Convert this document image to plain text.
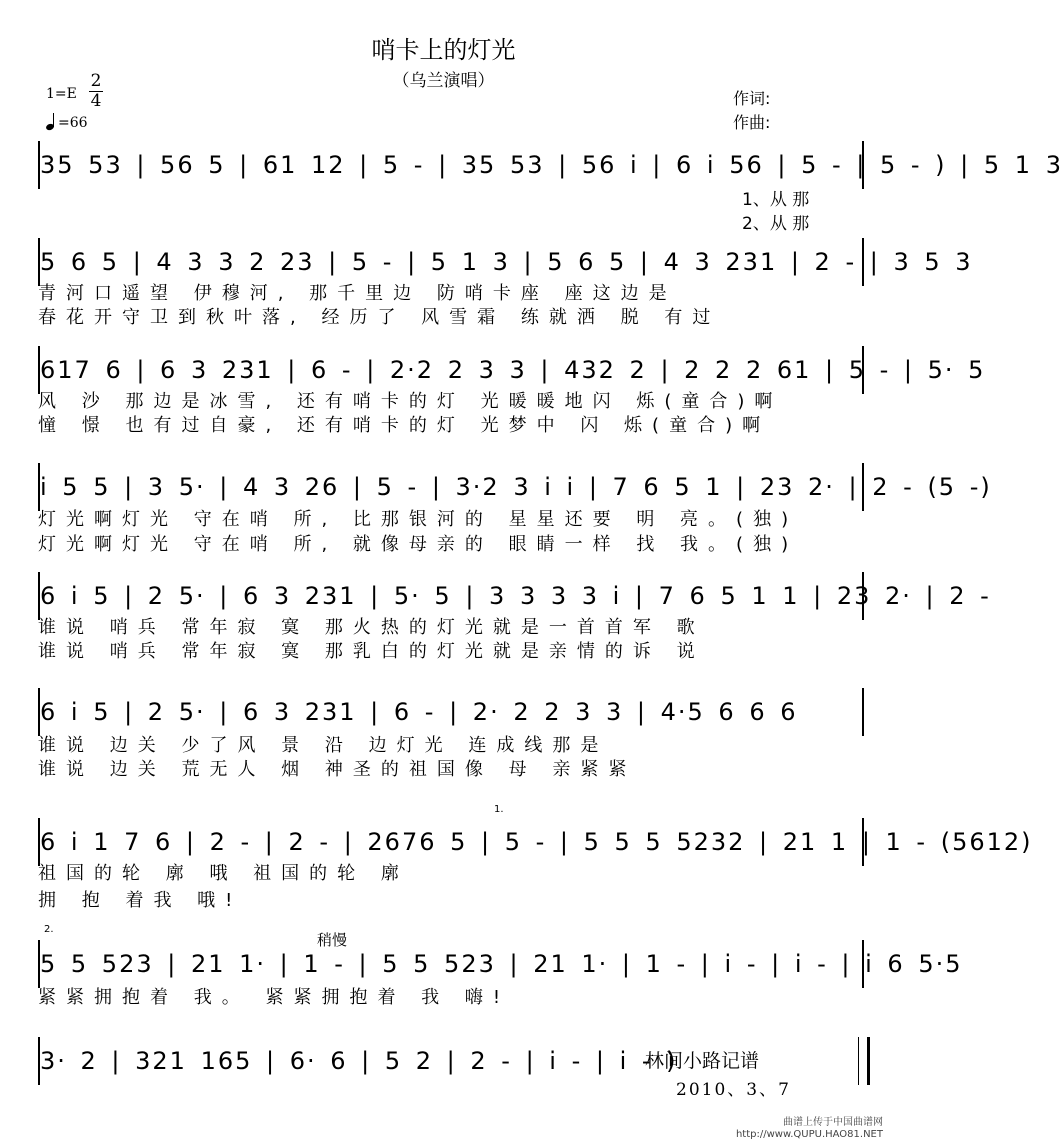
哨卡上的灯光
（乌兰演唱）
1=E
2
4
=66
作词:
作曲:
35 53 | 56 5 | 61 12 | 5 - | 35 53 | 56 i | 6 i 56 | 5 - | 5 - ) | 5 1 3
1、从 那
2、从 那
5 6 5 | 4 3 3 2 23 | 5 - | 5 1 3 | 5 6 5 | 4 3 231 | 2 - | 3 5 3
青河口遥望 伊穆河, 那千里边 防哨卡座 座这边是
春花开守卫到秋叶落, 经历了 风雪霜 练就洒 脱 有过
617 6 | 6 3 231 | 6 - | 2·2 2 3 3 | 432 2 | 2 2 2 61 | 5 - | 5· 5
风 沙 那边是冰雪, 还有哨卡的灯 光暖暖地闪 烁(童合)啊
憧 憬 也有过自豪, 还有哨卡的灯 光梦中 闪 烁(童合)啊
i 5 5 | 3 5· | 4 3 26 | 5 - | 3·2 3 i i | 7 6 5 1 | 23 2· | 2 - (5 -)
灯光啊灯光 守在哨 所, 比那银河的 星星还要 明 亮。(独)
灯光啊灯光 守在哨 所, 就像母亲的 眼睛一样 找 我。(独)
6 i 5 | 2 5· | 6 3 231 | 5· 5 | 3 3 3 3 i | 7 6 5 1 1 | 23 2· | 2 -
谁说 哨兵 常年寂 寞 那火热的灯光就是一首首军 歌
谁说 哨兵 常年寂 寞 那乳白的灯光就是亲情的诉 说
6 i 5 | 2 5· | 6 3 231 | 6 - | 2· 2 2 3 3 | 4·5 6 6 6
谁说 边关 少了风 景 沿 边灯光 连成线那是
谁说 边关 荒无人 烟 神圣的祖国像 母 亲紧紧
1.
6 i 1 7 6 | 2 - | 2 - | 2676 5 | 5 - | 5 5 5 5232 | 21 1 | 1 - (5612)
祖国的轮 廓 哦 祖国的轮 廓
拥 抱 着我 哦!
2.
稍慢
5 5 523 | 21 1· | 1 - | 5 5 523 | 21 1· | 1 - | i - | i - | i 6 5·5
紧紧拥抱着 我。 紧紧拥抱着 我 嗨!
3· 2 | 321 165 | 6· 6 | 5 2 | 2 - | i - | i - )
林间小路记谱
2010、3、7
曲谱上传于中国曲谱网
http://www.QUPU.HAO81.NET
